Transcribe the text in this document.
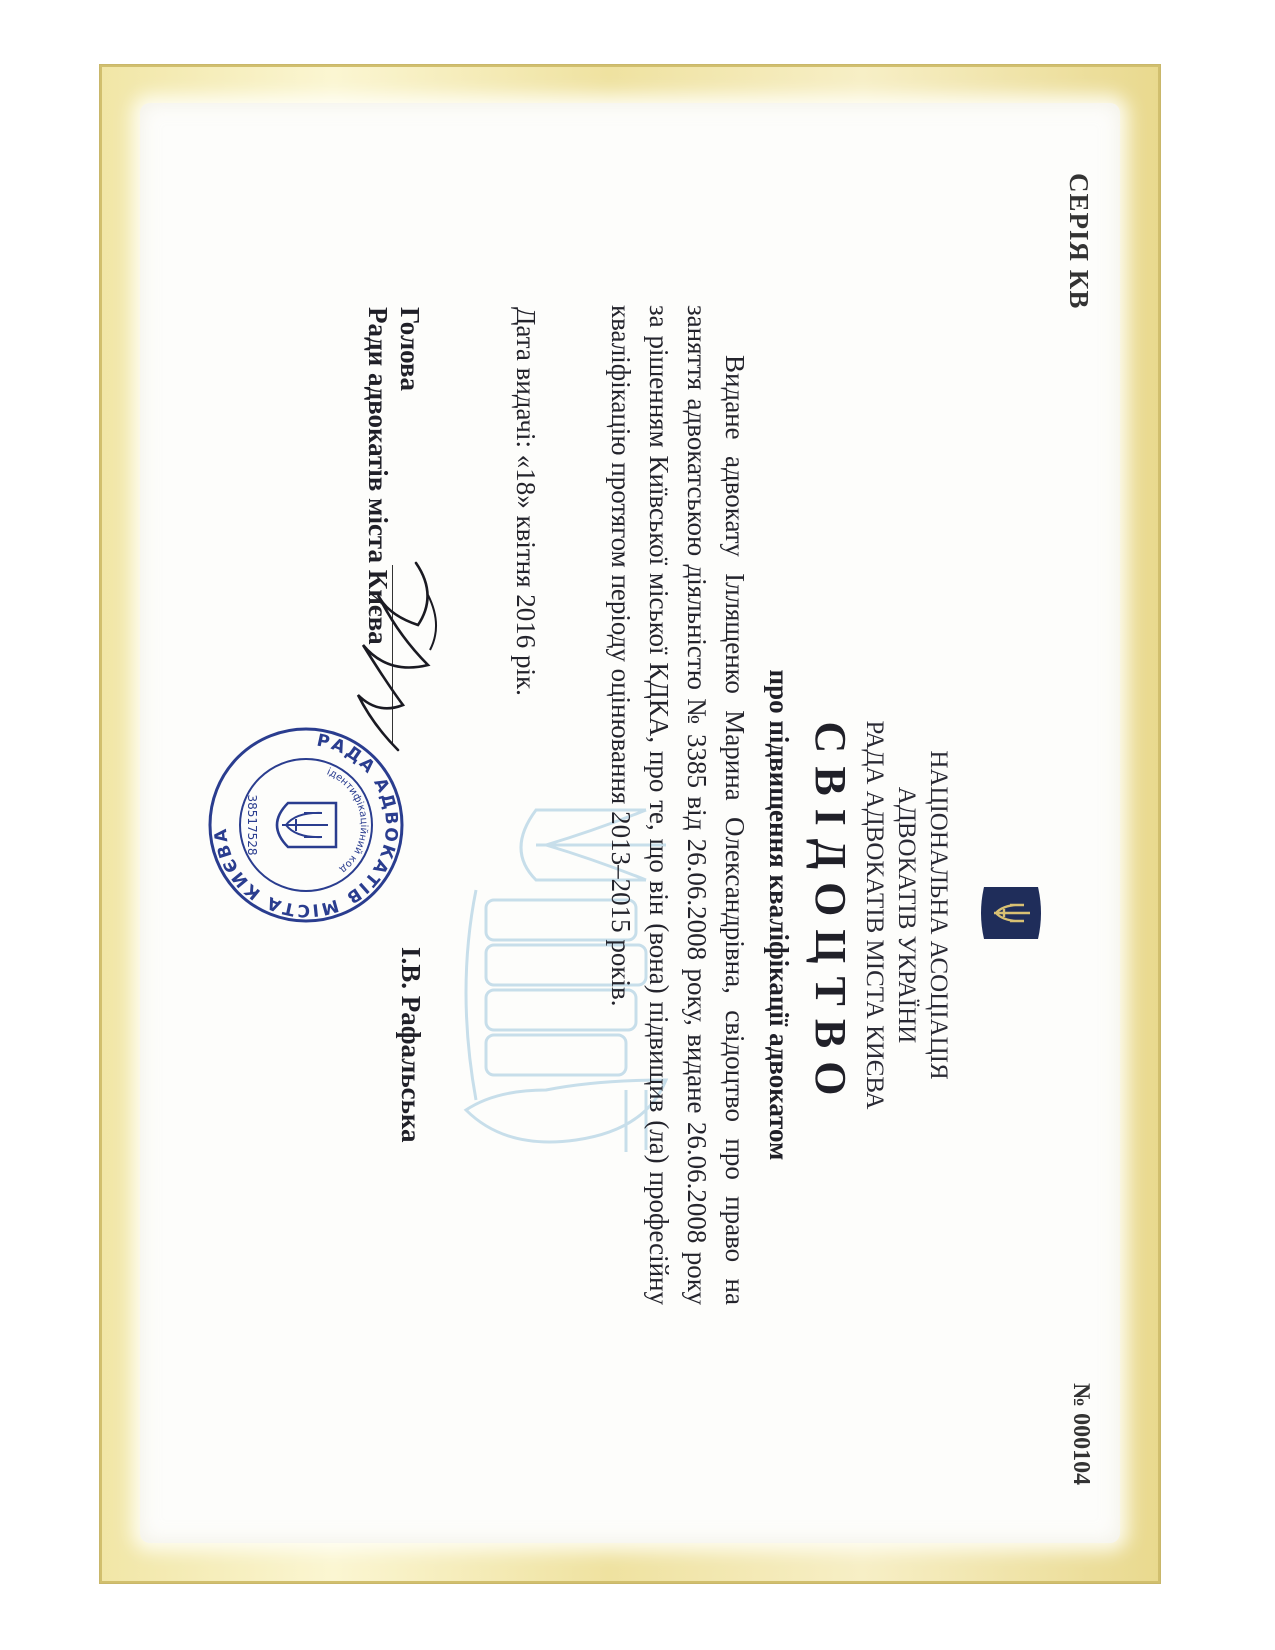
СЕРІЯ КВ
№ 000104
НАЦІОНАЛЬНА АСОЦІАЦІЯ
АДВОКАТІВ УКРАЇНИ
РАДА АДВОКАТІВ МІСТА КИЄВА
СВІДОЦТВО
про підвищення кваліфікації адвокатом
Видане адвокату Іллященко Марина Олександрівна, свідоцтво про право на заняття адвокатською діяльністю № 3385 від 26.06.2008 року, видане 26.06.2008 року за рішенням Київської міської КДКА, про те, що він (вона) підвищив (ла) професійну кваліфікацію протягом періоду оцінювання 2013–2015 років.
Дата видачі: «18» квітня 2016 рік.
Голова
Ради адвокатів міста Києва
РАДА АДВОКАТІВ МІСТА КИЄВА
ідентифікаційний код
38517528
І.В. Рафальська
